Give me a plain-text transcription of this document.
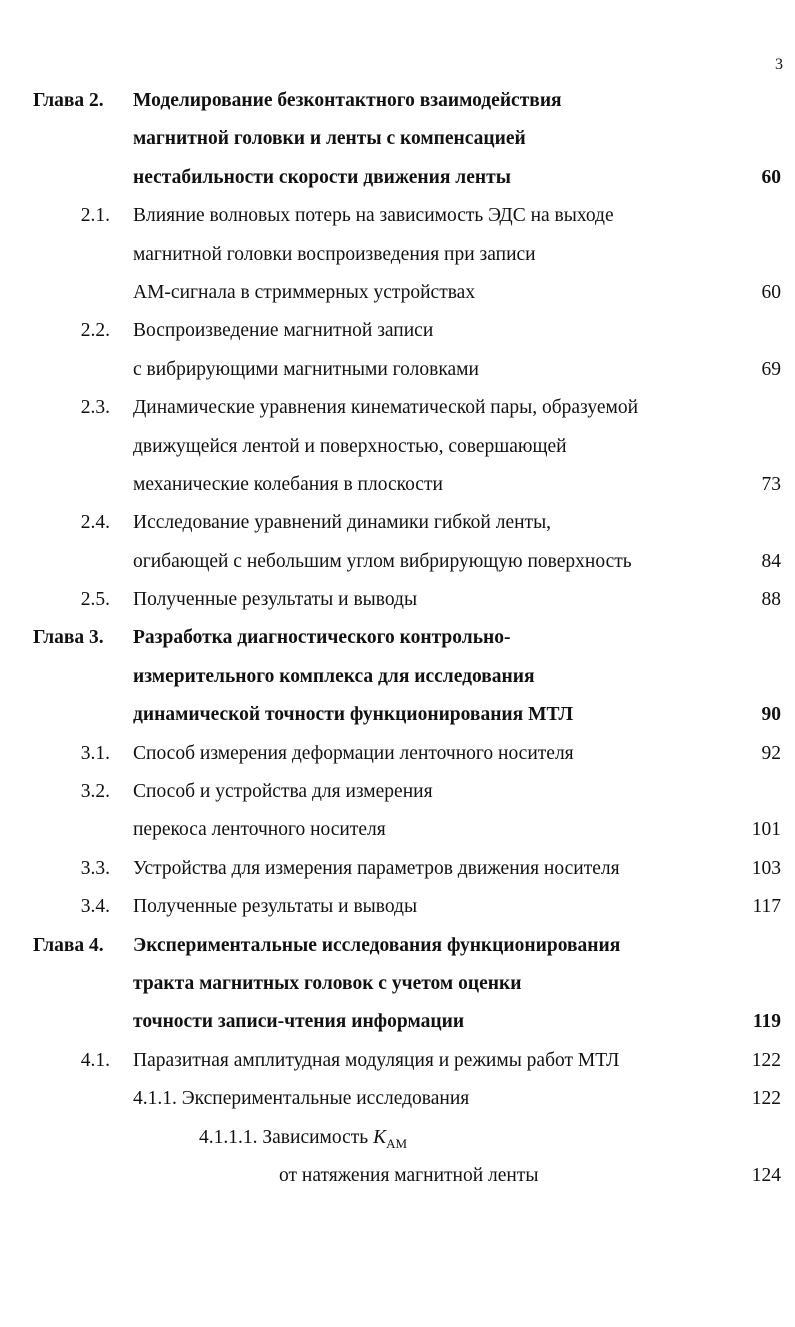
3
Глава 2.	Моделирование безконтактного взаимодействия
магнитной головки и ленты с компенсацией
нестабильности скорости движения ленты	60
2.1. Влияние волновых потерь на зависимость ЭДС на выходе
магнитной головки воспроизведения при записи
АМ-сигнала в стриммерных устройствах	60
2.2. Воспроизведение магнитной записи
с вибрирующими магнитными головками	69
2.3. Динамические уравнения кинематической пары, образуемой
движущейся лентой и поверхностью, совершающей
механические колебания в плоскости	73
2.4. Исследование уравнений динамики гибкой ленты,
огибающей с небольшим углом вибрирующую поверхность	84
2.5. Полученные результаты и выводы	88
Глава 3.	Разработка диагностического контрольно-
измерительного комплекса для исследования
динамической точности функционирования МТЛ	90
3.1. Способ измерения деформации ленточного носителя	92
3.2. Способ и устройства для измерения
перекоса ленточного носителя	101
3.3. Устройства для измерения параметров движения носителя	103
3.4. Полученные результаты и выводы	117
Глава 4.	Экспериментальные исследования функционирования
тракта магнитных головок с учетом оценки
точности записи-чтения информации	119
4.1. Паразитная амплитудная модуляция и режимы работ МТЛ	122
4.1.1. Экспериментальные исследования	122
4.1.1.1. Зависимость $K_{АМ}$
от натяжения магнитной ленты	124
